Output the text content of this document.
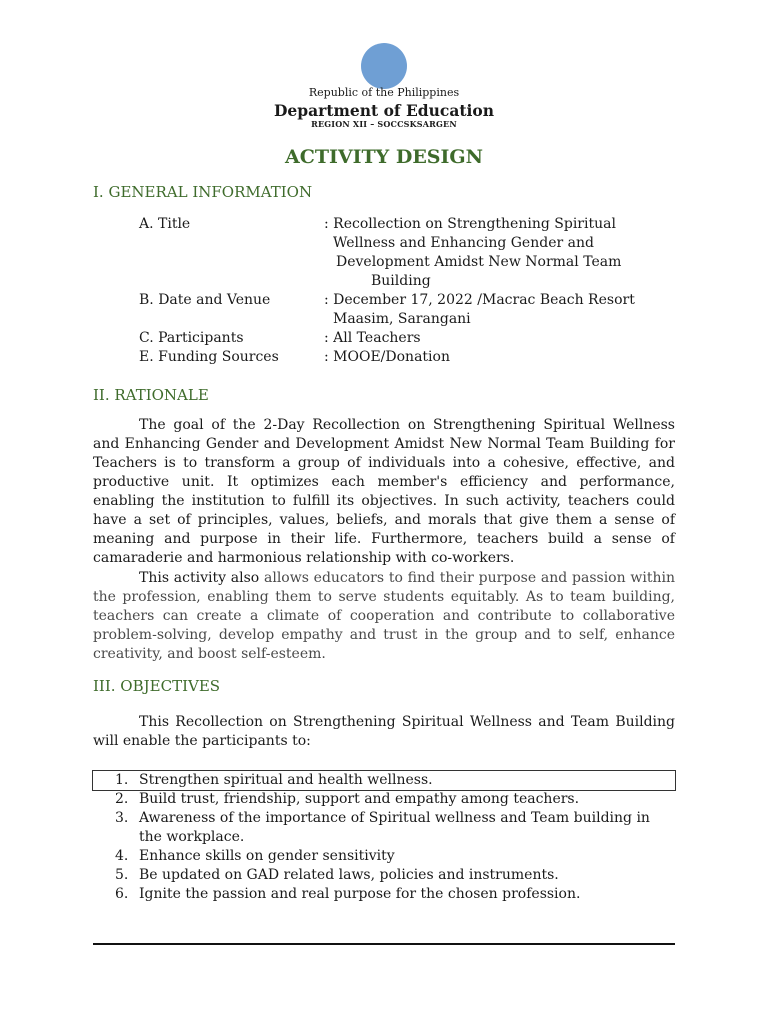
Republic of the Philippines
Department of Education
REGION XII – SOCCSKSARGEN
ACTIVITY DESIGN
I. GENERAL INFORMATION
A. Title	: Recollection on Strengthening Spiritual
Wellness and Enhancing Gender and
Development Amidst New Normal Team
Building
B. Date and Venue	: December 17, 2022 /Macrac Beach Resort
Maasim, Sarangani
C. Participants	: All Teachers
E. Funding Sources	: MOOE/Donation
II. RATIONALE

The goal of the 2-Day Recollection on Strengthening Spiritual Wellness and Enhancing Gender and Development Amidst New Normal Team Building for Teachers is to transform a group of individuals into a cohesive, effective, and productive unit. It optimizes each member's efficiency and performance, enabling the institution to fulfill its objectives. In such activity, teachers could have a set of principles, values, beliefs, and morals that give them a sense of meaning and purpose in their life. Furthermore, teachers build a sense of camaraderie and harmonious relationship with co-workers.

This activity also allows educators to find their purpose and passion within the profession, enabling them to serve students equitably. As to team building, teachers can create a climate of cooperation and contribute to collaborative problem-solving, develop empathy and trust in the group and to self, enhance creativity, and boost self-esteem.

III. OBJECTIVES

This Recollection on Strengthening Spiritual Wellness and Team Building will enable the participants to:

1. Strengthen spiritual and health wellness.
2. Build trust, friendship, support and empathy among teachers.
3. Awareness of the importance of Spiritual wellness and Team building in the workplace.
4. Enhance skills on gender sensitivity
5. Be updated on GAD related laws, policies and instruments.
6. Ignite the passion and real purpose for the chosen profession.
